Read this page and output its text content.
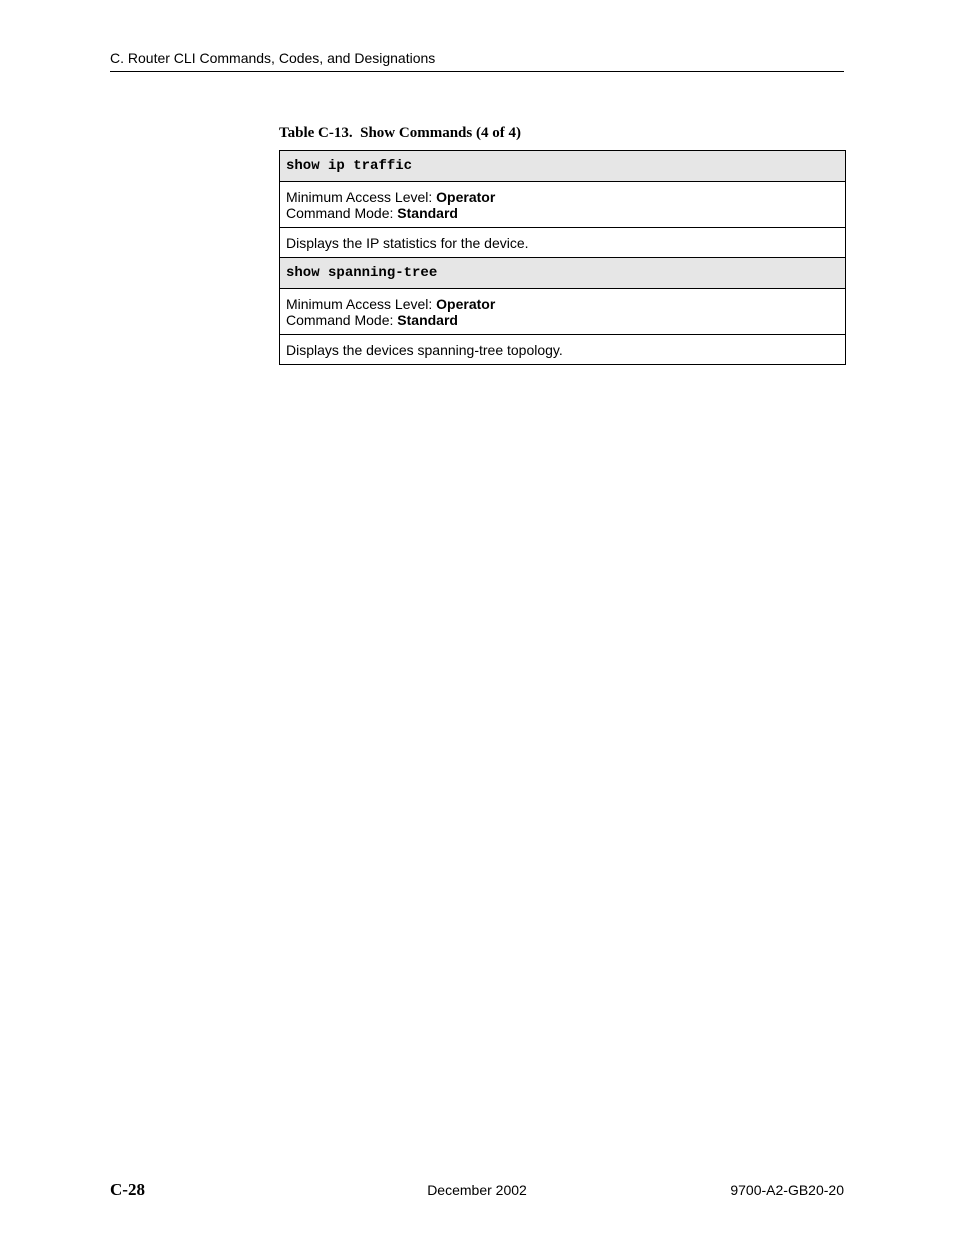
C. Router CLI Commands, Codes, and Designations
Table C-13.  Show Commands (4 of 4)
show ip traffic
Minimum Access Level: Operator
Command Mode: Standard
Displays the IP statistics for the device.
show spanning-tree
Minimum Access Level: Operator
Command Mode: Standard
Displays the devices spanning-tree topology.
C-28	December 2002	9700-A2-GB20-20
